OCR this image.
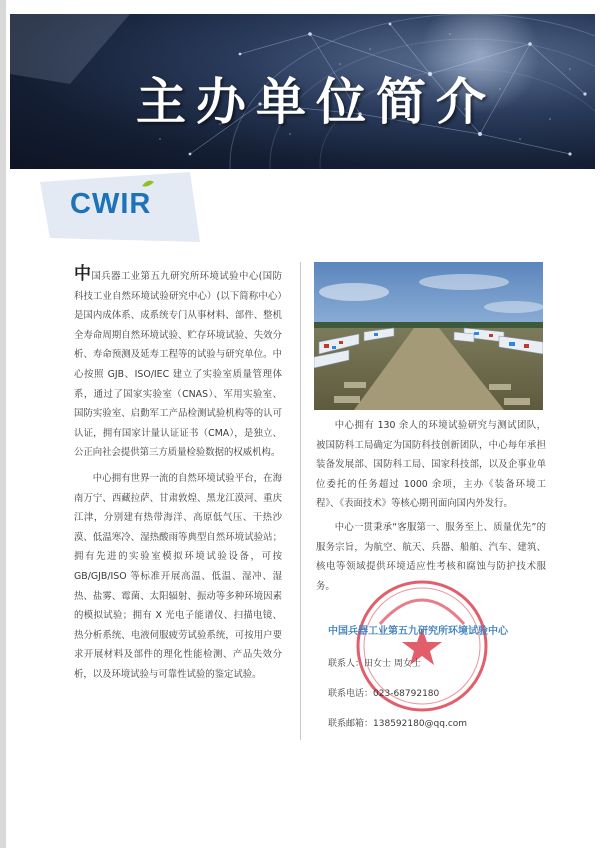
主办单位简介
CWIR

中国兵器工业第五九研究所环境试验中心(国防科技工业自然环境试验研究中心）(以下简称中心）是国内成体系、成系统专门从事材料、部件、整机全寿命周期自然环境试验、贮存环境试验、失效分析、寿命预测及延寿工程等的试验与研究单位。中心按照 GJB、ISO/IEC 建立了实验室质量管理体系，通过了国家实验室（CNAS）、军用实验室、国防实验室、启動军工产品检测试验机构等的认可认证，拥有国家计量认证证书（CMA），是独立、公正向社会提供第三方质量检验数据的权威机构。

中心拥有世界一流的自然环境试验平台，在海南万宁、西藏拉萨、甘肃敦煌、黑龙江漠河、重庆江津，分别建有热带海洋、高原低气压、干热沙漠、低温寒冷、湿热酸雨等典型自然环境试验站；拥有先进的实验室模拟环境试验设备，可按 GB/GJB/ISO 等标准开展高温、低温、湿冲、湿热、盐雾、霉菌、太阳辐射、振动等多种环境因素的模拟试验；拥有 X 光电子能谱仪、扫描电镜、热分析系统、电液伺服疲劳试验系统，可按用户要求开展材料及部件的理化性能检测、产品失效分析，以及环境试验与可靠性试验的鉴定试验。

中心拥有 130 余人的环境试验研究与测试团队，被国防科工局确定为国防科技创新团队，中心每年承担装备发展部、国防科工局、国家科技部，以及企事业单位委托的任务超过 1000 余项，主办《装备环境工程》、《表面技术》等核心期刊面向国内外发行。

中心一贯秉承“客服第一、服务至上、质量优先”的服务宗旨，为航空、航天、兵器、船舶、汽车、建筑、核电等领域提供环境适应性考核和腐蚀与防护技术服务。

中国兵器工业第五九研究所环境试验中心
联系人：田女士 周女士
联系电话：023-68792180
联系邮箱：138592180@qq.com
